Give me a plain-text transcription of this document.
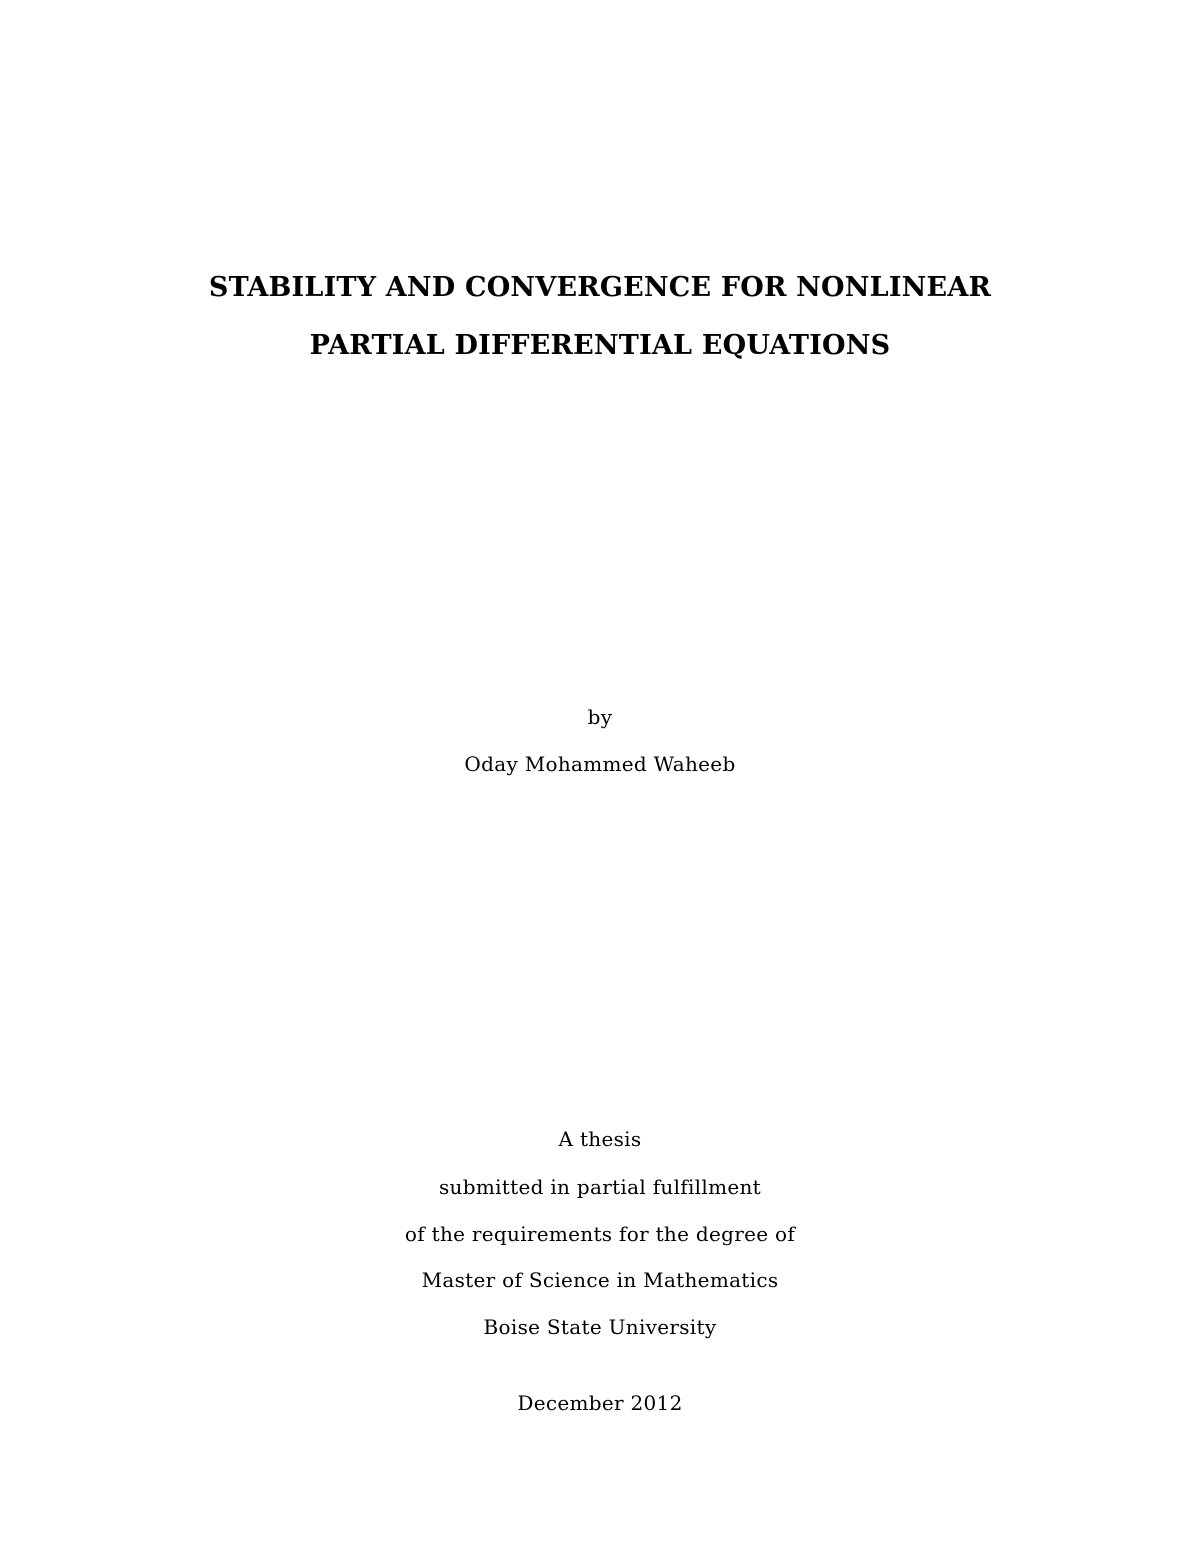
STABILITY AND CONVERGENCE FOR NONLINEAR
PARTIAL DIFFERENTIAL EQUATIONS
by
Oday Mohammed Waheeb
A thesis
submitted in partial fulfillment
of the requirements for the degree of
Master of Science in Mathematics
Boise State University
December 2012
